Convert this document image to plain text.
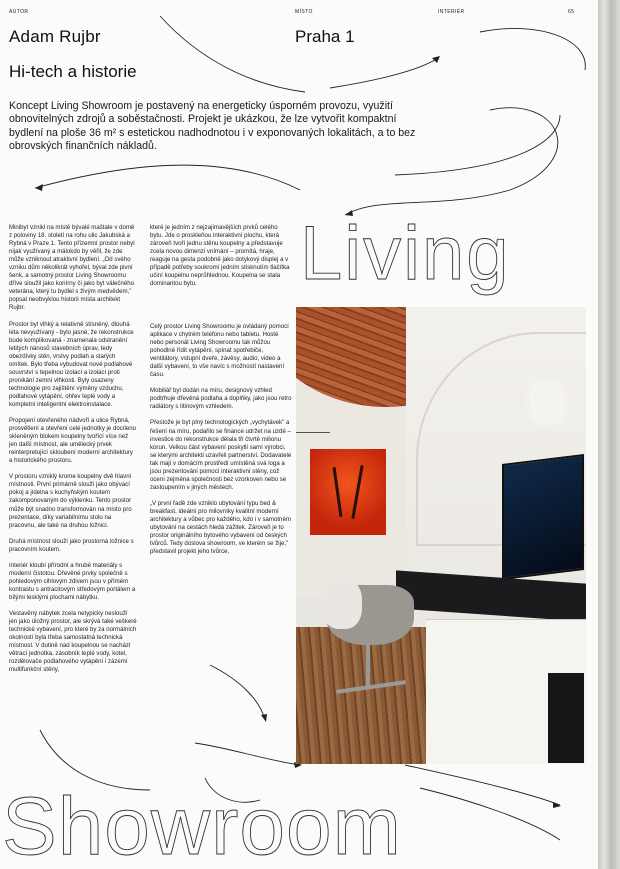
AUTOR	MÍSTO	INTERIÉR	65
Adam Rujbr	Praha 1
Hi-tech a historie
Koncept Living Showroom je postavený na energeticky úsporném provozu, využití obnovitelných zdrojů a soběstačnosti. Projekt je ukázkou, že lze vytvořit kompaktní bydlení na ploše 36 m² s estetickou nadhodnotou i v exponovaných lokalitách, a to bez obrovských finančních nákladů.
Living

Minibyt vznikl na místě bývalé maštale v domě z poloviny 18. století na rohu ulic Jakubská a Rybná v Praze 1. Tento přízemní prostor nebyl nijak využívaný a málokdo by věřil, že zde může vzniknout atraktivní bydlení. „Od svého vzniku dům několikrát vyhořel, býval zde pivní šenk, a samotný prostor Living Showroomu dříve sloužil jako konírny či jako byt válečného veterána, který tu bydlel s živým medvědem," popsal neobvyklou historii místa architekt Rujbr.

Prostor byl vlhký a relativně stísněný, dlouhá léta nevyužívaný - bylo jasné, že rekonstrukce bude komplikovaná - znamenala odstranění letitých nánosů stavebních úprav, tedy obezdívky stěn, vrstvy podlah a starých omítek. Bylo třeba vybudovat nové podlahové souvrství s tepelnou izolací a izolací proti pronikání zemní vlhkosti. Byly osazeny technologie pro zajištění výměny vzduchu, podlahové vytápění, ohřev teplé vody a kompletní inteligentní elektroinstalace.

Propojení otevřeného nádvoří a ulice Rybná, prosvětlení a otevření celé jednotky je docíleno skleněným blokem koupelny tvořící více než jen další místnost, ale umělecký prvek reinterpretující skloubení moderní architektury a historického prostoru.

V prostoru vzniklý krome koupelny dvě hlavní místnosti. První primárně slouží jako obývací pokoj a jídelna s kuchyňským koutem zakomponovaným do výklenku. Tento prostor může být snadno transformován na místo pro prezentace, díky variabilnímu stolu na pracovnu, ale také na druhou ložnici.

Druhá místnost slouží jako prostorná ložnice s pracovním koutem.

Interiér kloubí přírodní a hrubé materiály s moderní čistotou. Dřevěné prvky společně s pohledovým cihlovým zdivem jsou v přímém kontrastu s antracitovým středovým portálem a bílými lesklými plochami nábytku.

Vestavěný nábytek zcela netypicky neslouží jen jako úložný prostor, ale skrývá také veškeré technické vybavení, pro které by za normálních okolností byla třeba samostatná technická místnost. V dutině nad koupelnou se nachází větrací jednotka, zásobník teplé vody, kotel, rozdělovače podlahového vytápění i zázemí multifunkční stěny,

které je jedním z nejzajímavějších prvků celého bytu. Jde o proskleňou interaktivní plochu, která zároveň tvoří jednu stěnu koupelny a představuje zcela novou dimenzi vnímání – promítá, hraje, reaguje na gesta podobně jako dotykový displej a v případě potřeby soukromí jedním stisknutím tlačítka učiní koupelnu neprůhlednou. Koupelna se stala dominantou bytu.

Celý prostor Living Showroomu je ovládaný pomocí aplikace v chytrém telefonu nebo tabletu. Hosté nebo personál Living Showroomu tak můžou pohodlně řídit vytápění, spínat spotřebiče, ventilátory, vstupní dveře, závěsy, audio, video a další vybavení, to vše navíc s možností nastavení času.

Mobiliář byl dodán na míru, designový vzhled podtrhuje dřevěná podlaha a doplňky, jako jsou retro radiátory s litinovým vzhledem.

Přestože je byt plný technologických „vychytávek" a řešení na míru, podařilo se finance udržet na uzdě – investice do rekonstrukce dělala tři čtvrtě milionu korun. Velkou část vybavení poskytli samí výrobci, se kterými architekti uzavřeli partnerství. Dodavatelé tak mají v domácím prostředí umístěná svá loga a jsou prezentováni pomocí interaktivní stěny, což ocení zejména společnosti bez vzorkoven nebo se zastoupením v jiných městech.

„V první řadě zde vzniklo ubytování typu bed & breakfast, ideální pro milovníky kvalitní moderní architektury a vůbec pro každého, kdo i v samotném ubytování na cestách hledá zážitek. Zároveň je to prostor originálního bytového vybavení od českých tvůrců. Tedy doslova showroom, ve kterém se žije," představil projekt jeho tvůrce.

Showroom
